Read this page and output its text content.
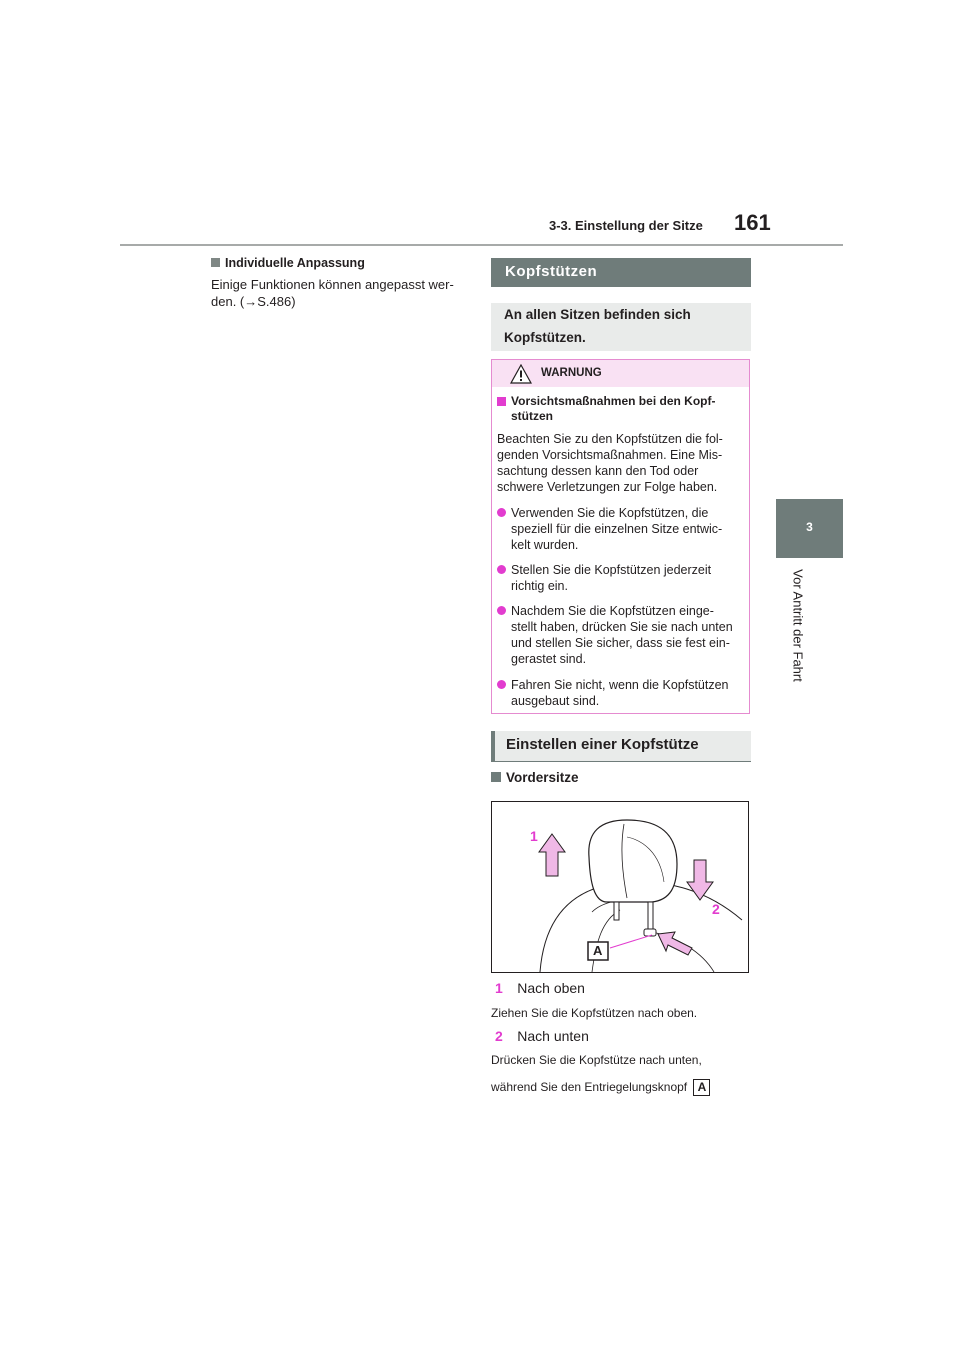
3-3. Einstellung der Sitze 161
3
Vor Antritt der Fahrt
Individuelle Anpassung
Einige Funktionen können angepasst wer-
den. (→S.486)
Kopfstützen
An allen Sitzen befinden sich
Kopfstützen.
WARNUNG
Vorsichtsmaßnahmen bei den Kopf-
stützen
Beachten Sie zu den Kopfstützen die fol-
genden Vorsichtsmaßnahmen. Eine Mis-
sachtung dessen kann den Tod oder
schwere Verletzungen zur Folge haben.
Verwenden Sie die Kopfstützen, die
speziell für die einzelnen Sitze entwic-
kelt wurden.
Stellen Sie die Kopfstützen jederzeit
richtig ein.
Nachdem Sie die Kopfstützen einge-
stellt haben, drücken Sie sie nach unten
und stellen Sie sicher, dass sie fest ein-
gerastet sind.
Fahren Sie nicht, wenn die Kopfstützen
ausgebaut sind.
Einstellen einer Kopfstütze
Vordersitze
1
2
A
1 Nach oben
Ziehen Sie die Kopfstützen nach oben.
2 Nach unten
Drücken Sie die Kopfstütze nach unten,
während Sie den Entriegelungsknopf A
